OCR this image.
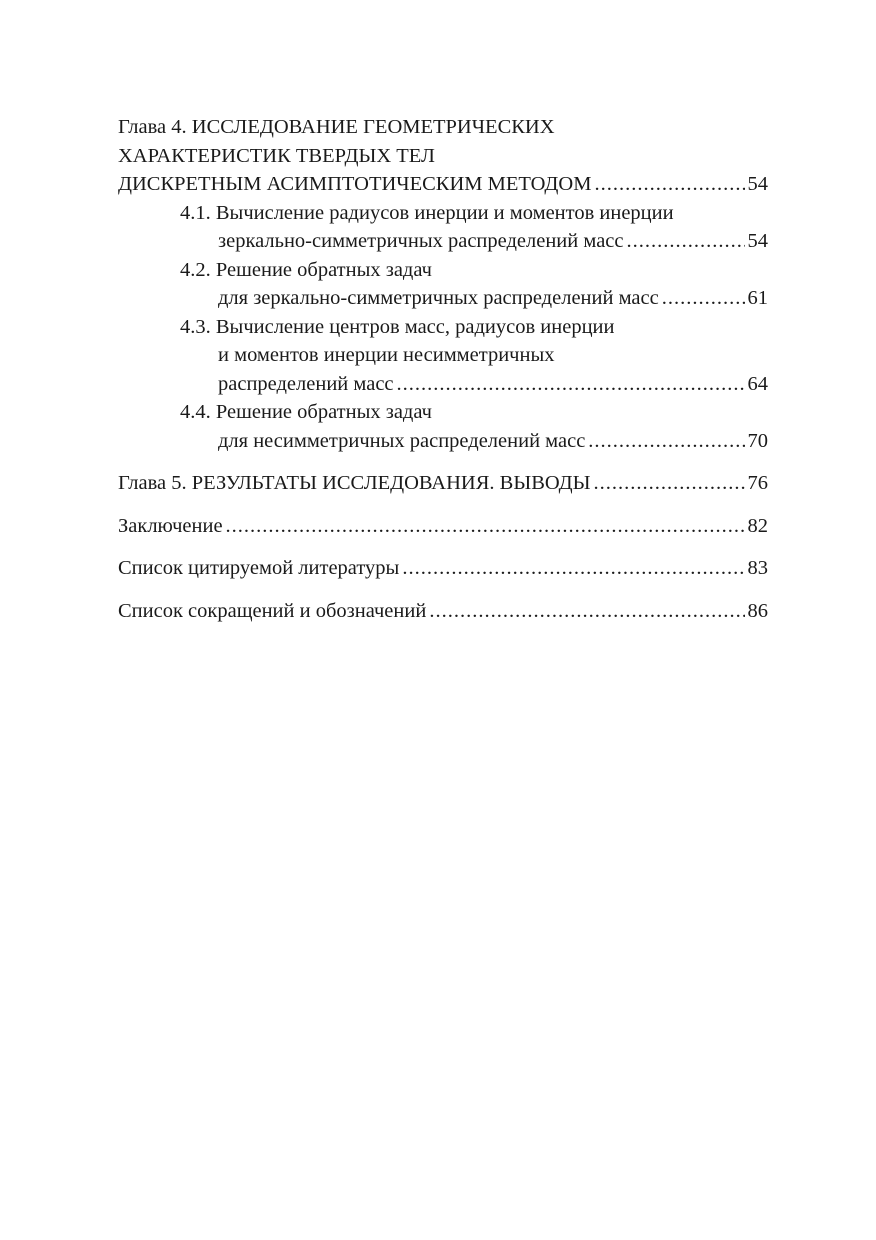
Глава 4. ИССЛЕДОВАНИЕ ГЕОМЕТРИЧЕСКИХ
ХАРАКТЕРИСТИК ТВЕРДЫХ ТЕЛ
ДИСКРЕТНЫМ АСИМПТОТИЧЕСКИМ МЕТОДОМ .....	54
4.1. Вычисление радиусов инерции и моментов инерции
зеркально-симметричных распределений масс .....	54
4.2. Решение обратных задач
для зеркально-симметричных распределений масс .....	61
4.3. Вычисление центров масс, радиусов инерции
и моментов инерции несимметричных
распределений масс .....	64
4.4. Решение обратных задач
для несимметричных распределений масс .....	70
Глава 5. РЕЗУЛЬТАТЫ ИССЛЕДОВАНИЯ. ВЫВОДЫ .....	76
Заключение .....	82
Список цитируемой литературы .....	83
Список сокращений и обозначений .....	86
